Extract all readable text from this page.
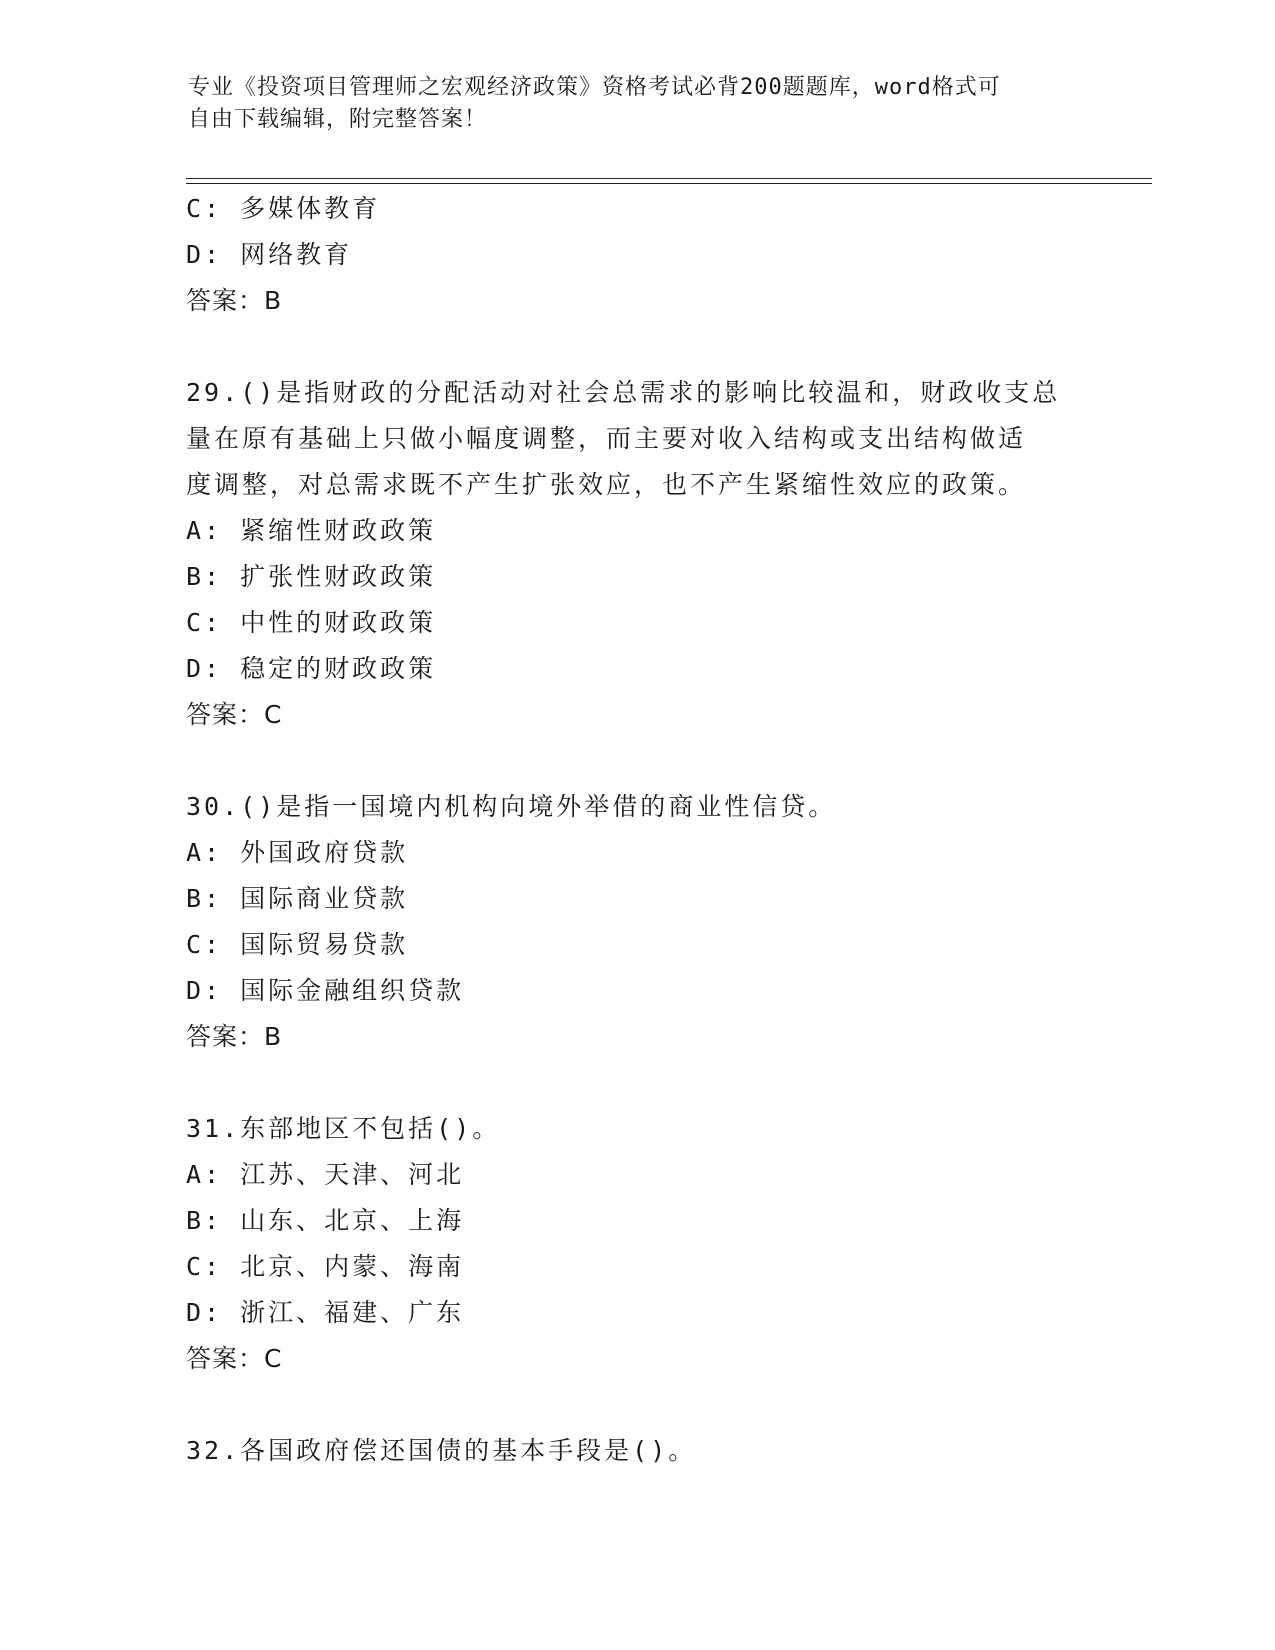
专业《投资项目管理师之宏观经济政策》资格考试必背200题题库，word格式可
自由下载编辑，附完整答案！
C: 多媒体教育
D: 网络教育
答案：B
29.()是指财政的分配活动对社会总需求的影响比较温和，财政收支总
量在原有基础上只做小幅度调整，而主要对收入结构或支出结构做适
度调整，对总需求既不产生扩张效应，也不产生紧缩性效应的政策。
A: 紧缩性财政政策
B: 扩张性财政政策
C: 中性的财政政策
D: 稳定的财政政策
答案：C
30.()是指一国境内机构向境外举借的商业性信贷。
A: 外国政府贷款
B: 国际商业贷款
C: 国际贸易贷款
D: 国际金融组织贷款
答案：B
31.东部地区不包括()。
A: 江苏、天津、河北
B: 山东、北京、上海
C: 北京、内蒙、海南
D: 浙江、福建、广东
答案：C
32.各国政府偿还国债的基本手段是()。
